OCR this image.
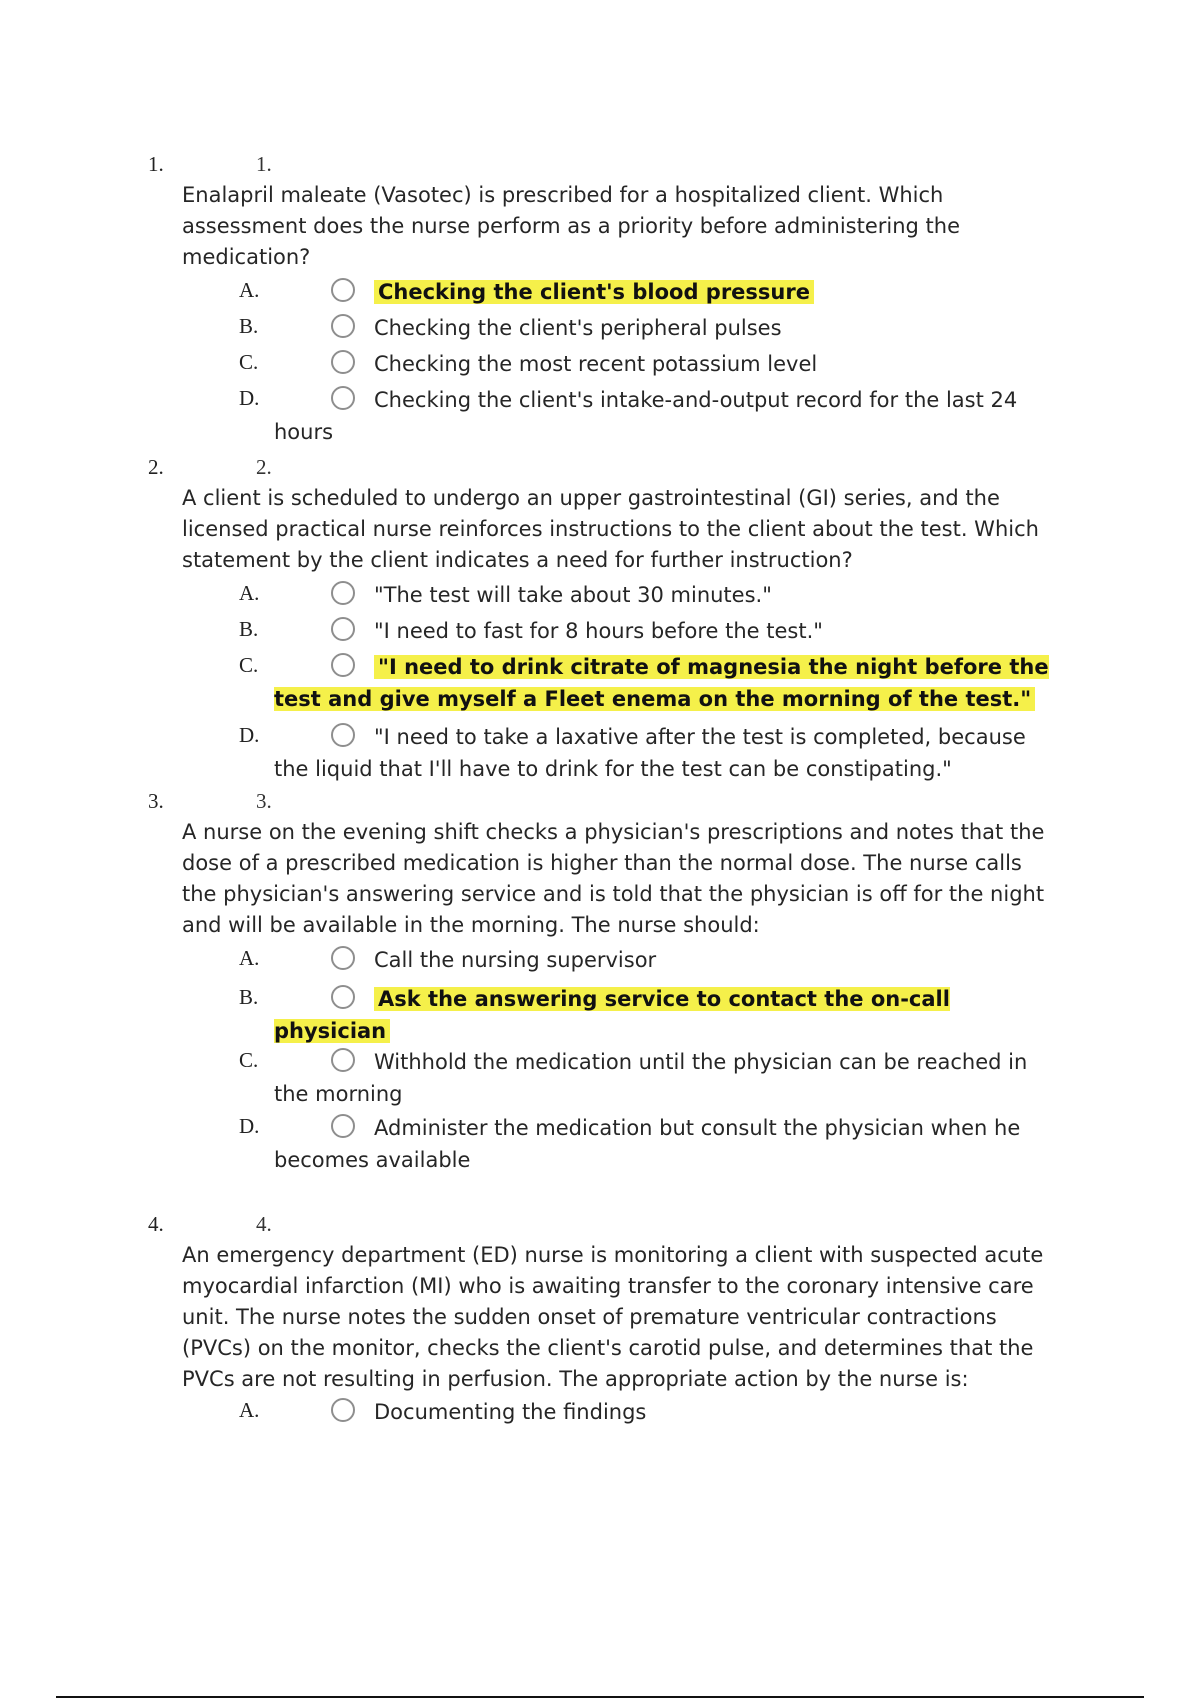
1.	1.
Enalapril maleate (Vasotec) is prescribed for a hospitalized client. Which assessment does the nurse perform as a priority before administering the medication?
A.	Checking the client's blood pressure
B.	Checking the client's peripheral pulses
C.	Checking the most recent potassium level
D.	Checking the client's intake-and-output record for the last 24 hours
2.	2.
A client is scheduled to undergo an upper gastrointestinal (GI) series, and the licensed practical nurse reinforces instructions to the client about the test. Which statement by the client indicates a need for further instruction?
A.	"The test will take about 30 minutes."
B.	"I need to fast for 8 hours before the test."
C.	"I need to drink citrate of magnesia the night before the test and give myself a Fleet enema on the morning of the test."
D.	"I need to take a laxative after the test is completed, because the liquid that I'll have to drink for the test can be constipating."
3.	3.
A nurse on the evening shift checks a physician's prescriptions and notes that the dose of a prescribed medication is higher than the normal dose. The nurse calls the physician's answering service and is told that the physician is off for the night and will be available in the morning. The nurse should:
A.	Call the nursing supervisor
B.	Ask the answering service to contact the on-call physician
C.	Withhold the medication until the physician can be reached in the morning
D.	Administer the medication but consult the physician when he becomes available
4.	4.
An emergency department (ED) nurse is monitoring a client with suspected acute myocardial infarction (MI) who is awaiting transfer to the coronary intensive care unit. The nurse notes the sudden onset of premature ventricular contractions (PVCs) on the monitor, checks the client's carotid pulse, and determines that the PVCs are not resulting in perfusion. The appropriate action by the nurse is:
A.	Documenting the findings
